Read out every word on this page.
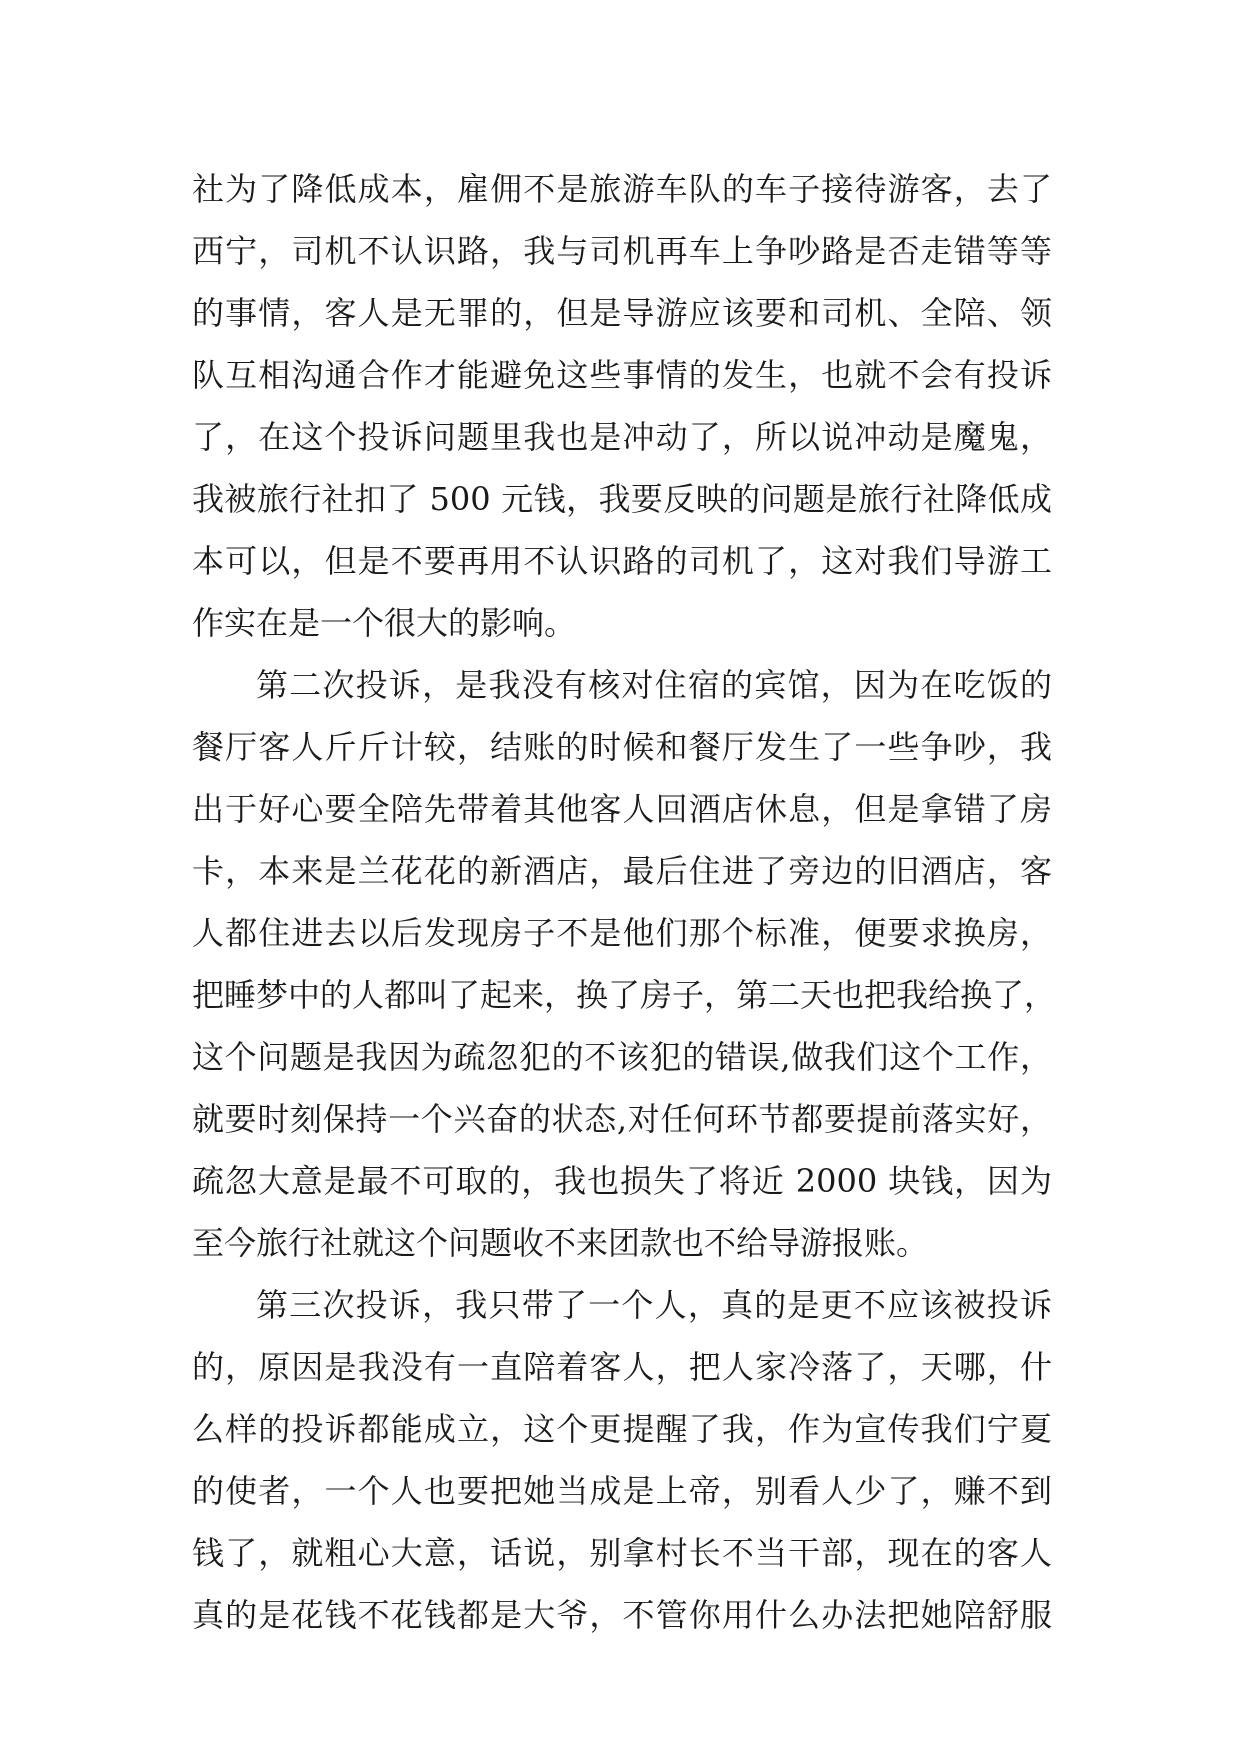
社为了降低成本，雇佣不是旅游车队的车子接待游客，去了
西宁，司机不认识路，我与司机再车上争吵路是否走错等等
的事情，客人是无罪的，但是导游应该要和司机、全陪、领
队互相沟通合作才能避免这些事情的发生，也就不会有投诉
了，在这个投诉问题里我也是冲动了，所以说冲动是魔鬼，
我被旅行社扣了 500 元钱，我要反映的问题是旅行社降低成
本可以，但是不要再用不认识路的司机了，这对我们导游工
作实在是一个很大的影响。

第二次投诉，是我没有核对住宿的宾馆，因为在吃饭的
餐厅客人斤斤计较，结账的时候和餐厅发生了一些争吵，我
出于好心要全陪先带着其他客人回酒店休息，但是拿错了房
卡，本来是兰花花的新酒店，最后住进了旁边的旧酒店，客
人都住进去以后发现房子不是他们那个标准，便要求换房，
把睡梦中的人都叫了起来，换了房子，第二天也把我给换了，
这个问题是我因为疏忽犯的不该犯的错误,做我们这个工作，
就要时刻保持一个兴奋的状态,对任何环节都要提前落实好，
疏忽大意是最不可取的，我也损失了将近 2000 块钱，因为
至今旅行社就这个问题收不来团款也不给导游报账。

第三次投诉，我只带了一个人，真的是更不应该被投诉
的，原因是我没有一直陪着客人，把人家冷落了，天哪，什
么样的投诉都能成立，这个更提醒了我，作为宣传我们宁夏
的使者，一个人也要把她当成是上帝，别看人少了，赚不到
钱了，就粗心大意，话说，别拿村长不当干部，现在的客人
真的是花钱不花钱都是大爷，不管你用什么办法把她陪舒服
